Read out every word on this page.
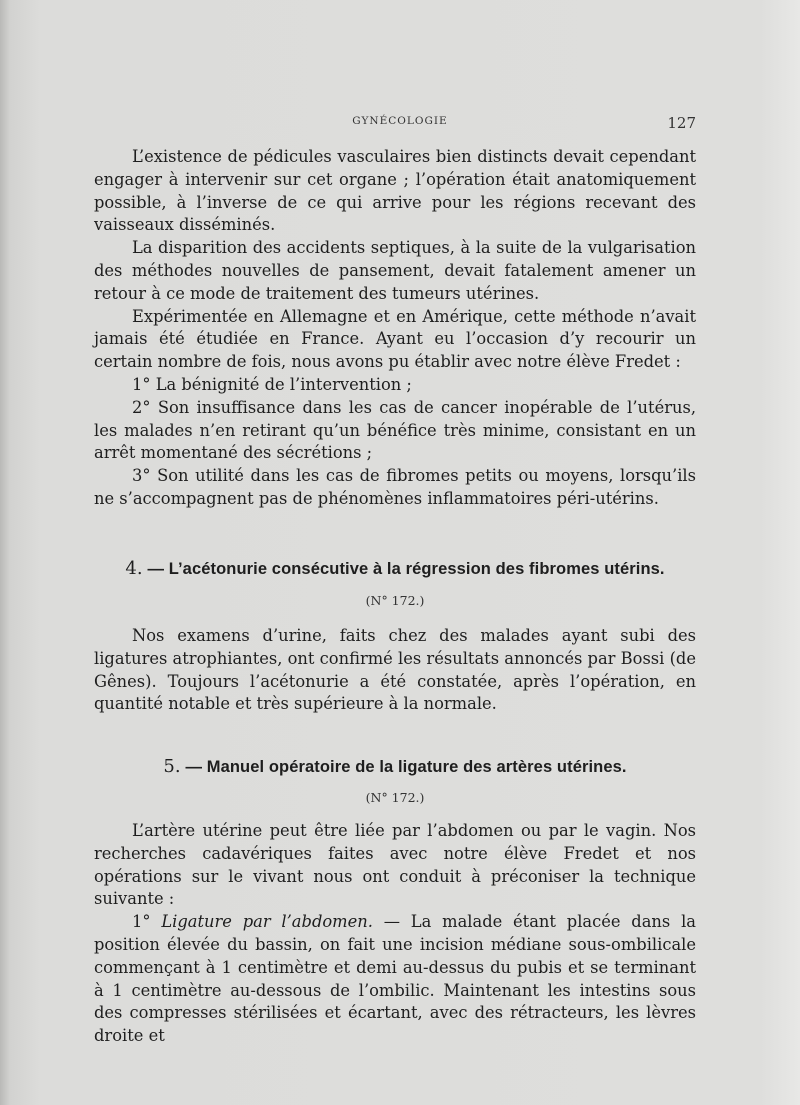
GYNÉCOLOGIE	127

L’existence de pédicules vasculaires bien distincts devait cependant engager à intervenir sur cet organe ; l’opération était anatomiquement possible, à l’inverse de ce qui arrive pour les régions recevant des vaisseaux disséminés.

La disparition des accidents septiques, à la suite de la vulgarisation des méthodes nouvelles de pansement, devait fatalement amener un retour à ce mode de traitement des tumeurs utérines.

Expérimentée en Allemagne et en Amérique, cette méthode n’avait jamais été étudiée en France. Ayant eu l’occasion d’y recourir un certain nombre de fois, nous avons pu établir avec notre élève Fredet :

1° La bénignité de l’intervention ;

2° Son insuffisance dans les cas de cancer inopérable de l’utérus, les malades n’en retirant qu’un bénéfice très minime, consistant en un arrêt momentané des sécrétions ;

3° Son utilité dans les cas de fibromes petits ou moyens, lorsqu’ils ne s’accompagnent pas de phénomènes inflammatoires péri-utérins.

4. — L’acétonurie consécutive à la régression des fibromes utérins.
(N° 172.)

Nos examens d’urine, faits chez des malades ayant subi des ligatures atrophiantes, ont confirmé les résultats annoncés par Bossi (de Gênes). Toujours l’acétonurie a été constatée, après l’opération, en quantité notable et très supérieure à la normale.

5. — Manuel opératoire de la ligature des artères utérines.
(N° 172.)

L’artère utérine peut être liée par l’abdomen ou par le vagin. Nos recherches cadavériques faites avec notre élève Fredet et nos opérations sur le vivant nous ont conduit à préconiser la technique suivante :

1° Ligature par l’abdomen. — La malade étant placée dans la position élevée du bassin, on fait une incision médiane sous-ombilicale commençant à 1 centimètre et demi au-dessus du pubis et se terminant à 1 centimètre au-dessous de l’ombilic. Maintenant les intestins sous des compresses stérilisées et écartant, avec des rétracteurs, les lèvres droite et
